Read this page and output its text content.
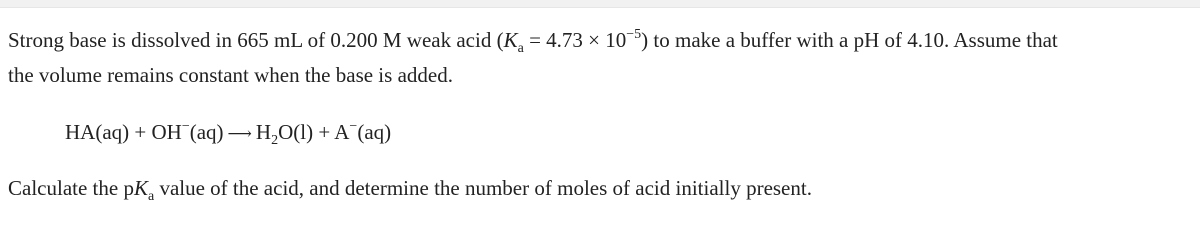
Strong base is dissolved in 665 mL of 0.200 M weak acid $(K_a = 4.73 \times 10^{-5})$ to make a buffer with a pH of 4.10. Assume that

the volume remains constant when the base is added.

HA(aq) + OH−(aq) ⟶ $H_2O(l) + A^-(aq)$

Calculate the $pK_a$ value of the acid, and determine the number of moles of acid initially present.
